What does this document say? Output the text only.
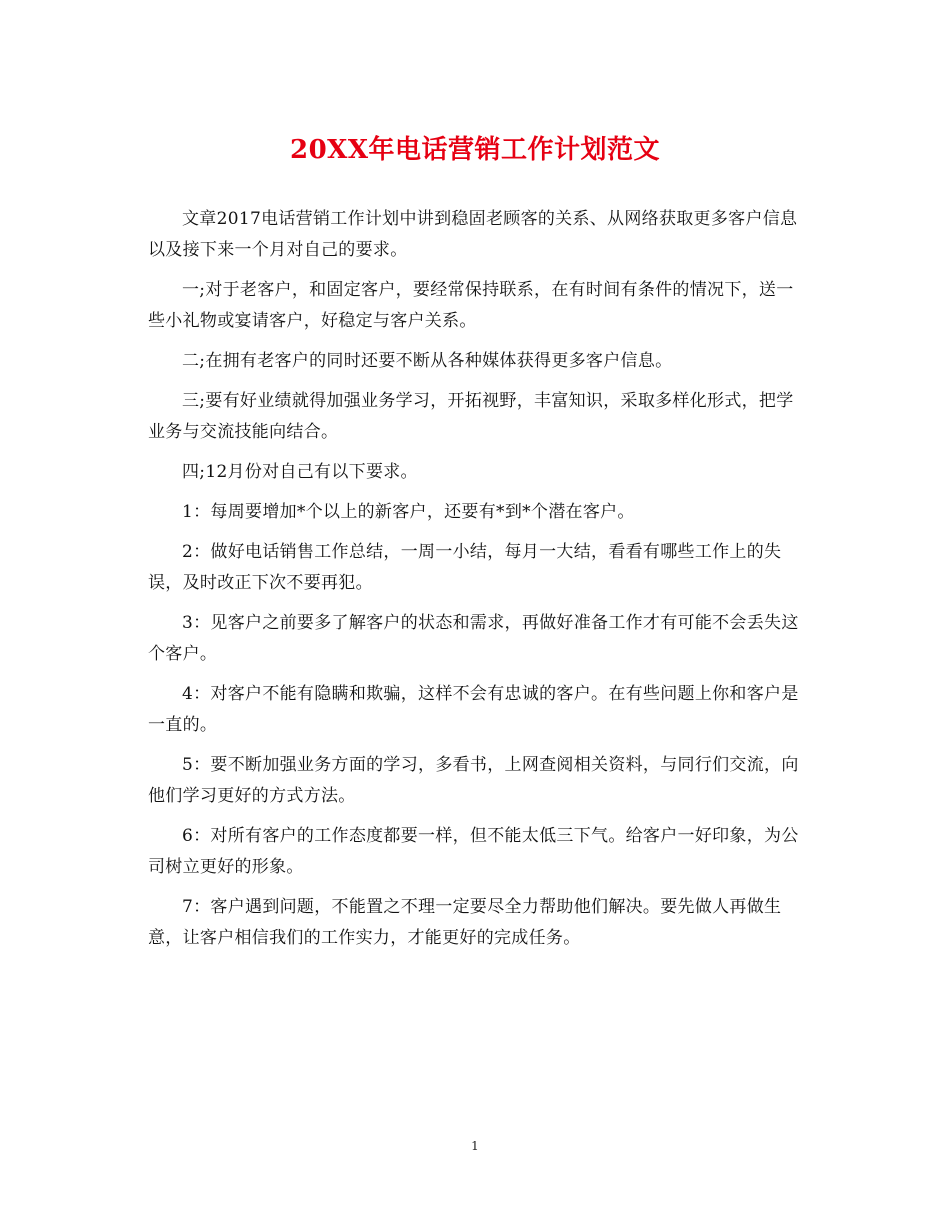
20XX年电话营销工作计划范文

文章2017电话营销工作计划中讲到稳固老顾客的关系、从网络获取更多客户信息以及接下来一个月对自己的要求。

一;对于老客户，和固定客户，要经常保持联系，在有时间有条件的情况下，送一些小礼物或宴请客户，好稳定与客户关系。

二;在拥有老客户的同时还要不断从各种媒体获得更多客户信息。

三;要有好业绩就得加强业务学习，开拓视野，丰富知识，采取多样化形式，把学业务与交流技能向结合。

四;12月份对自己有以下要求。

1：每周要增加*个以上的新客户，还要有*到*个潜在客户。

2：做好电话销售工作总结，一周一小结，每月一大结，看看有哪些工作上的失误，及时改正下次不要再犯。

3：见客户之前要多了解客户的状态和需求，再做好准备工作才有可能不会丢失这个客户。

4：对客户不能有隐瞒和欺骗，这样不会有忠诚的客户。在有些问题上你和客户是一直的。

5：要不断加强业务方面的学习，多看书，上网查阅相关资料，与同行们交流，向他们学习更好的方式方法。

6：对所有客户的工作态度都要一样，但不能太低三下气。给客户一好印象，为公司树立更好的形象。

7：客户遇到问题，不能置之不理一定要尽全力帮助他们解决。要先做人再做生意，让客户相信我们的工作实力，才能更好的完成任务。

1
